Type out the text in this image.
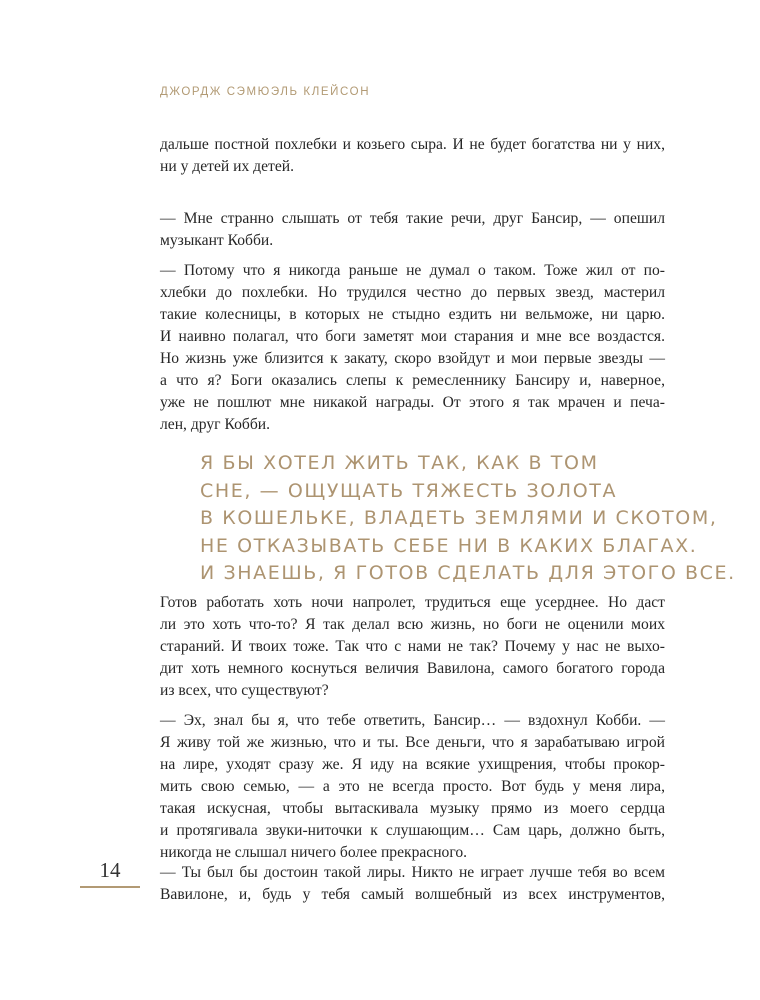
ДЖОРДЖ СЭМЮЭЛЬ КЛЕЙСОН

дальше постной похлебки и козьего сыра. И не будет богатства ни у них,
ни у детей их детей.

— Мне странно слышать от тебя такие речи, друг Бансир, — опешил
музыкант Кобби.

— Потому что я никогда раньше не думал о таком. Тоже жил от по-
хлебки до похлебки. Но трудился честно до первых звезд, мастерил
такие колесницы, в которых не стыдно ездить ни вельможе, ни царю.
И наивно полагал, что боги заметят мои старания и мне все воздастся.
Но жизнь уже близится к закату, скоро взойдут и мои первые звезды —
а что я? Боги оказались слепы к ремесленнику Бансиру и, наверное,
уже не пошлют мне никакой награды. От этого я так мрачен и печа-
лен, друг Кобби.

Я БЫ ХОТЕЛ ЖИТЬ ТАК, КАК В ТОМ
СНЕ, — ОЩУЩАТЬ ТЯЖЕСТЬ ЗОЛОТА
В КОШЕЛЬКЕ, ВЛАДЕТЬ ЗЕМЛЯМИ И СКОТОМ,
НЕ ОТКАЗЫВАТЬ СЕБЕ НИ В КАКИХ БЛАГАХ.
И ЗНАЕШЬ, Я ГОТОВ СДЕЛАТЬ ДЛЯ ЭТОГО ВСЕ.

Готов работать хоть ночи напролет, трудиться еще усерднее. Но даст
ли это хоть что-то? Я так делал всю жизнь, но боги не оценили моих
стараний. И твоих тоже. Так что с нами не так? Почему у нас не выхо-
дит хоть немного коснуться величия Вавилона, самого богатого города
из всех, что существуют?

— Эх, знал бы я, что тебе ответить, Бансир… — вздохнул Кобби. —
Я живу той же жизнью, что и ты. Все деньги, что я зарабатываю игрой
на лире, уходят сразу же. Я иду на всякие ухищрения, чтобы прокор-
мить свою семью, — а это не всегда просто. Вот будь у меня лира,
такая искусная, чтобы вытаскивала музыку прямо из моего сердца
и протягивала звуки-ниточки к слушающим… Сам царь, должно быть,
никогда не слышал ничего более прекрасного.

— Ты был бы достоин такой лиры. Никто не играет лучше тебя во всем
Вавилоне, и, будь у тебя самый волшебный из всех инструментов,

14
